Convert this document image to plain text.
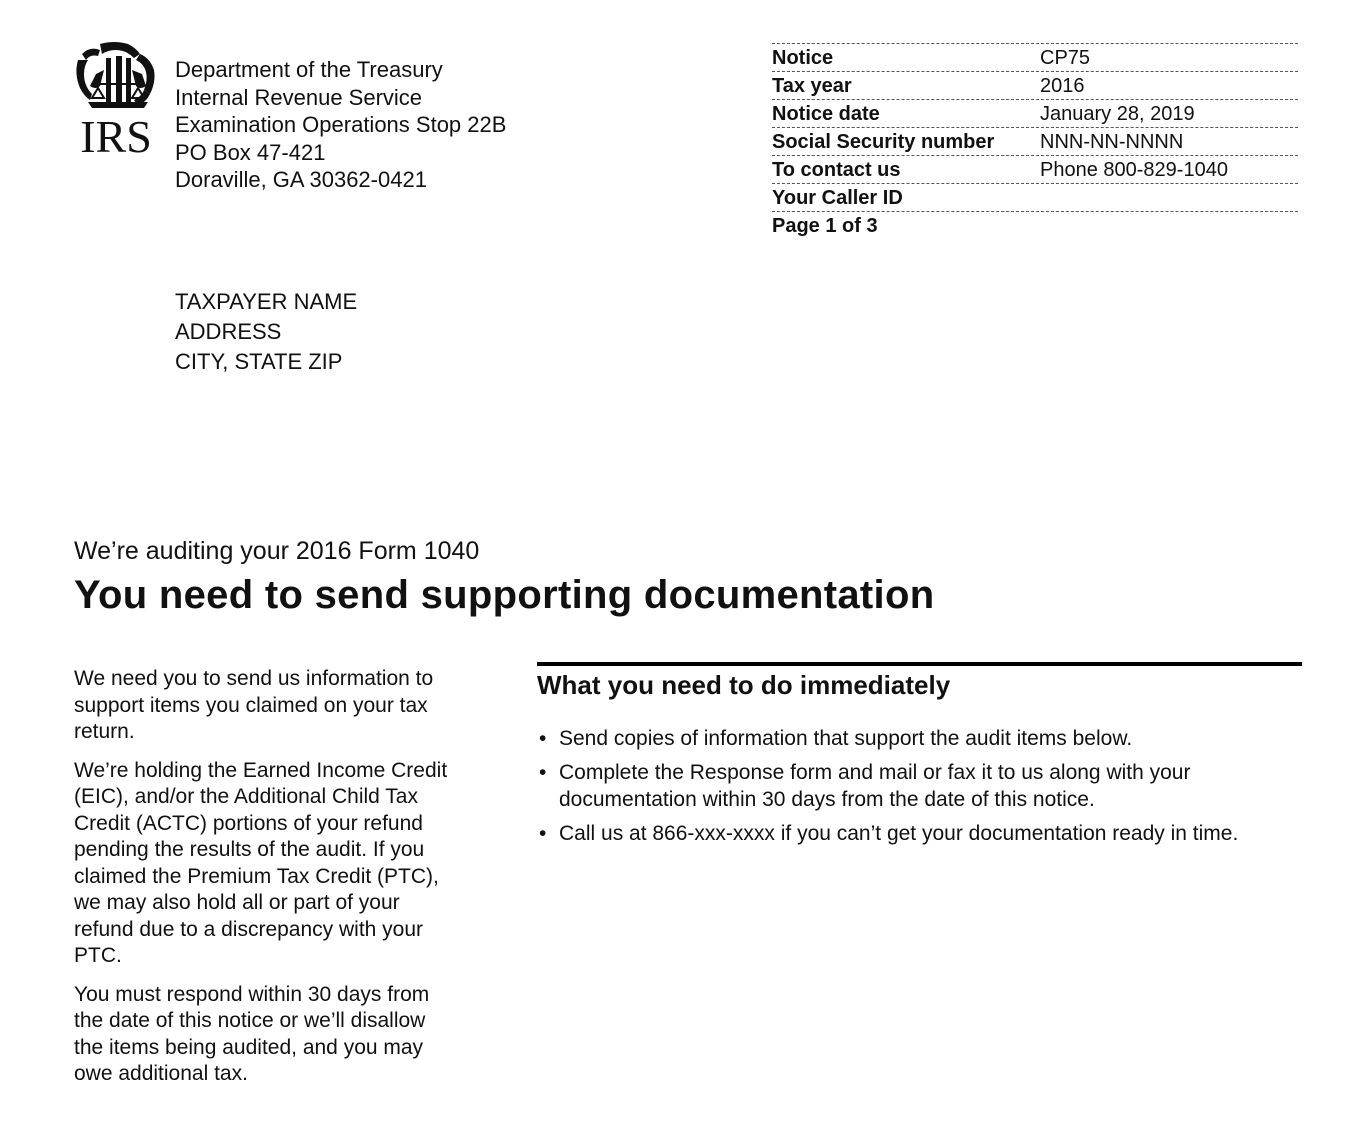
IRS
Department of the Treasury
Internal Revenue Service
Examination Operations Stop 22B
PO Box 47-421
Doraville, GA 30362-0421
Notice	CP75
Tax year	2016
Notice date	January 28, 2019
Social Security number	NNN-NN-NNNN
To contact us	Phone 800-829-1040
Your Caller ID
Page 1 of 3
TAXPAYER NAME
ADDRESS
CITY, STATE ZIP
We’re auditing your 2016 Form 1040
You need to send supporting documentation

We need you to send us information to support items you claimed on your tax return.

We’re holding the Earned Income Credit (EIC), and/or the Additional Child Tax Credit (ACTC) portions of your refund pending the results of the audit. If you claimed the Premium Tax Credit (PTC), we may also hold all or part of your refund due to a discrepancy with your PTC.

You must respond within 30 days from the date of this notice or we’ll disallow the items being audited, and you may owe additional tax.

What you need to do immediately
• Send copies of information that support the audit items below.
• Complete the Response form and mail or fax it to us along with your documentation within 30 days from the date of this notice.
• Call us at 866-xxx-xxxx if you can’t get your documentation ready in time.
